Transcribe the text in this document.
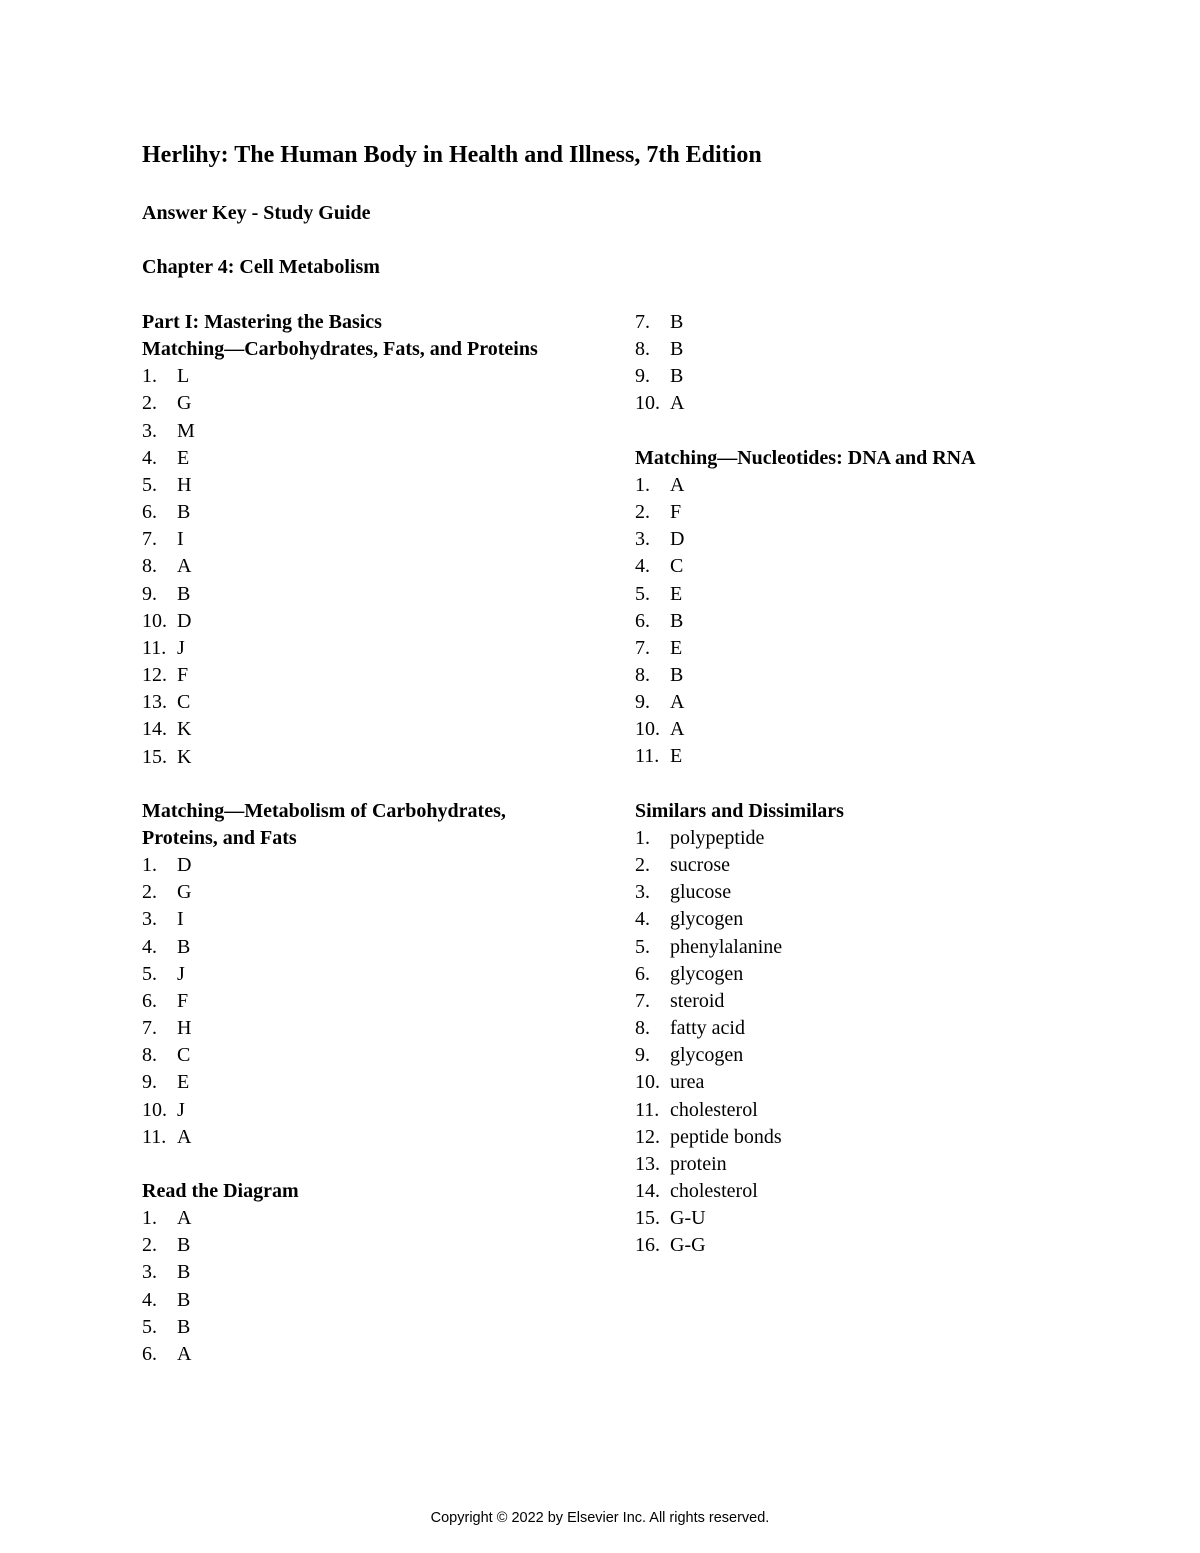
Herlihy: The Human Body in Health and Illness, 7th Edition

Answer Key - Study Guide

Chapter 4: Cell Metabolism

Part I: Mastering the Basics

Matching—Carbohydrates, Fats, and Proteins

1.	L
2.	G
3.	M
4.	E
5.	H
6.	B
7.	I
8.	A
9.	B
10. D
11. J
12. F
13. C
14. K
15. K

Matching—Metabolism of Carbohydrates, Proteins, and Fats

1.	D
2.	G
3.	I
4.	B
5.	J
6.	F
7.	H
8.	C
9.	E
10. J
11. A

Read the Diagram

1.	A
2.	B
3.	B
4.	B
5.	B
6.	A
7.	B
8.	B
9.	B
10. A

Matching—Nucleotides: DNA and RNA

1.	A
2.	F
3.	D
4.	C
5.	E
6.	B
7.	E
8.	B
9.	A
10. A
11. E

Similars and Dissimilars

1.	polypeptide
2.	sucrose
3.	glucose
4.	glycogen
5.	phenylalanine
6.	glycogen
7.	steroid
8.	fatty acid
9.	glycogen
10. urea
11. cholesterol
12. peptide bonds
13. protein
14. cholesterol
15. G-U
16. G-G
Copyright © 2022 by Elsevier Inc. All rights reserved.
